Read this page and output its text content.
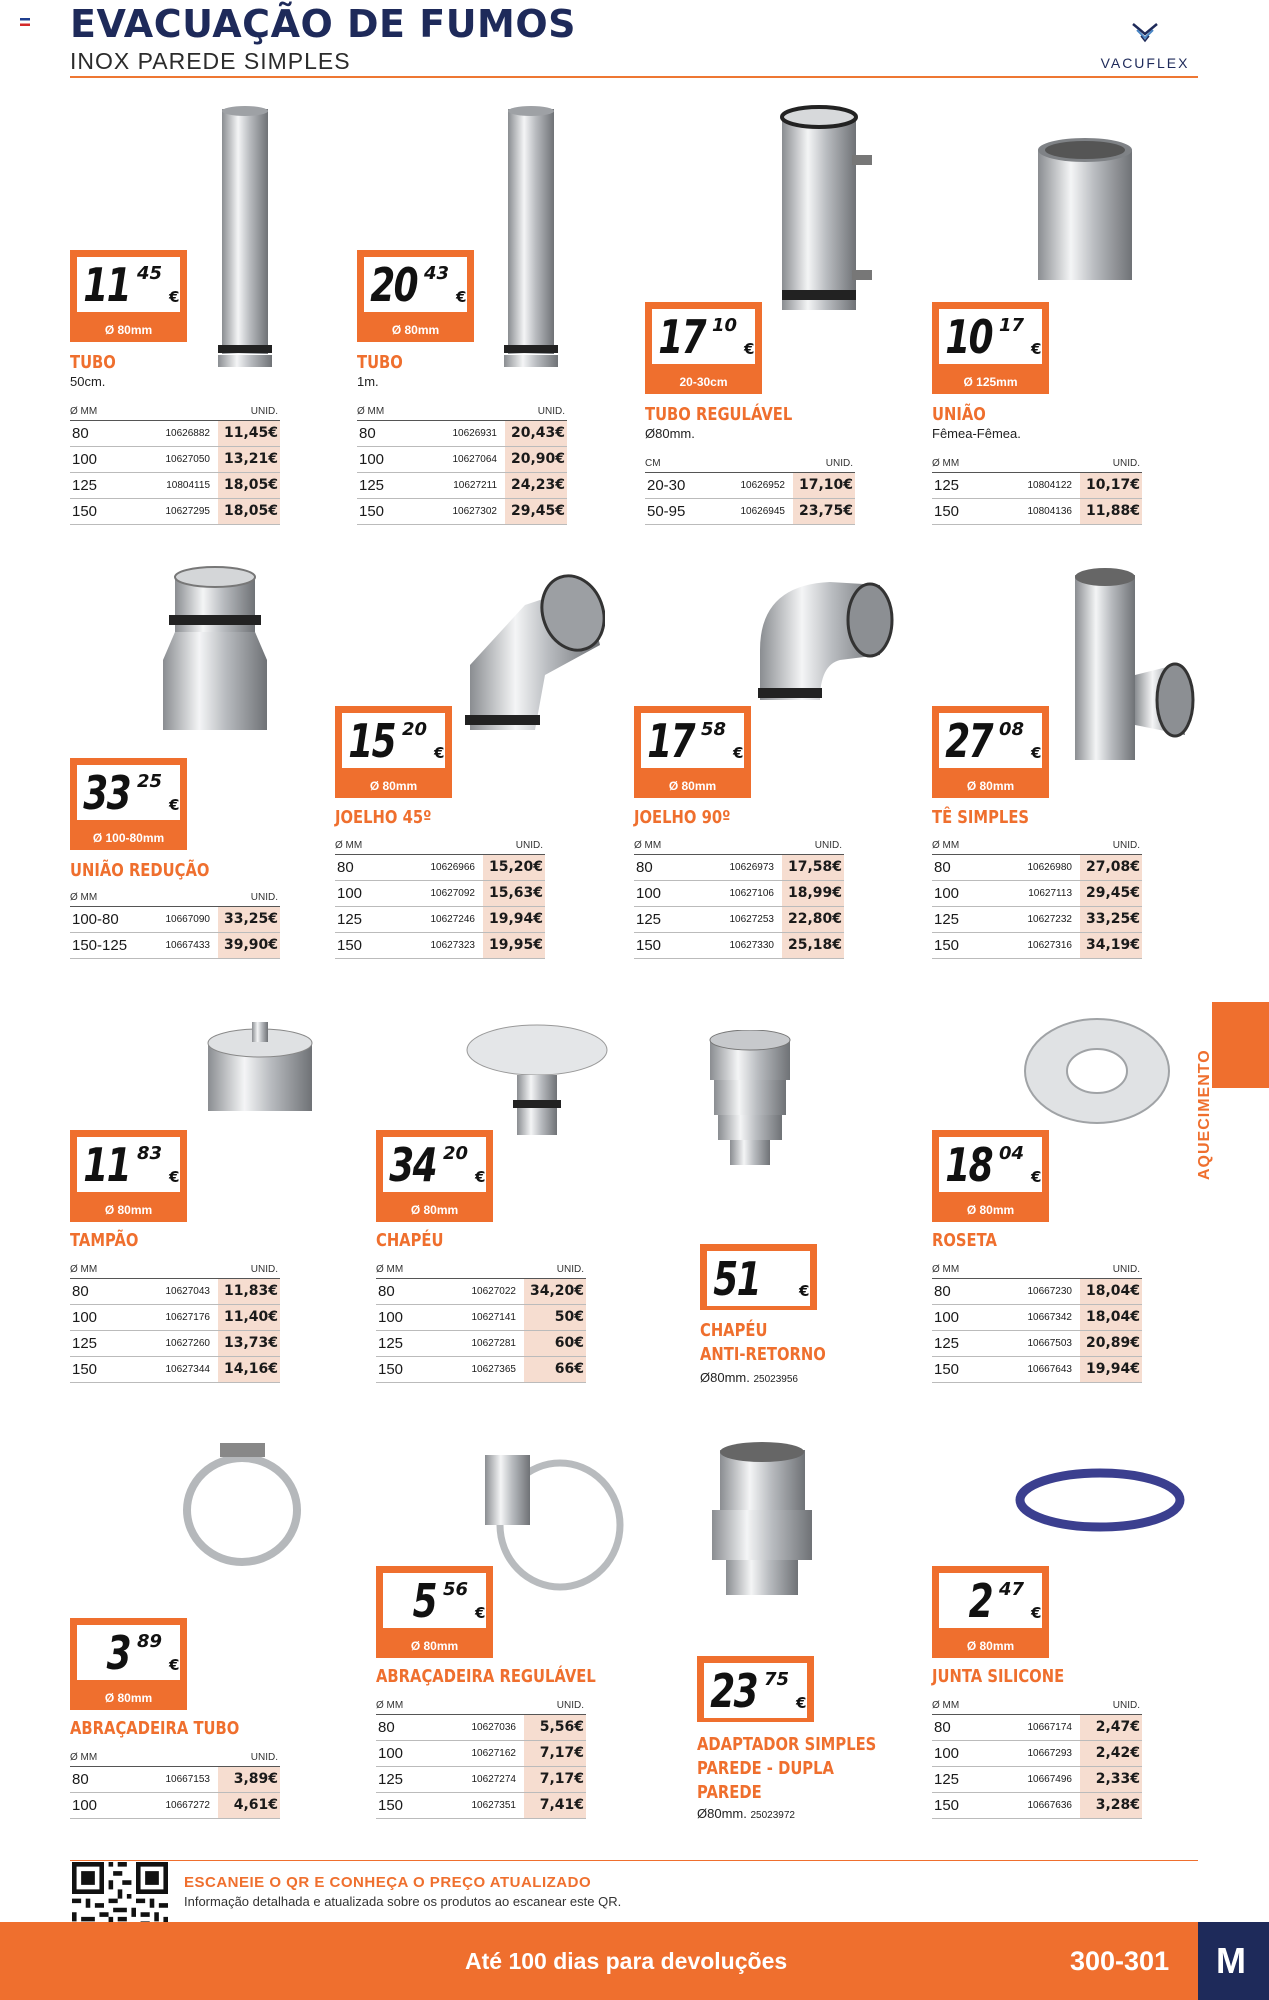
EVACUAÇÃO DE FUMOS
INOX PAREDE SIMPLES	VACUFLEX
11 45
€
Ø 80mm
TUBO
50cm.
Ø MM		UNID.
80	10626882	11,45€
100	10627050	13,21€
125	10804115	18,05€
150	10627295	18,05€
20 43
€
Ø 80mm
TUBO
1m.
Ø MM		UNID.
80	10626931	20,43€
100	10627064	20,90€
125	10627211	24,23€
150	10627302	29,45€
17 10
€
20-30cm
TUBO REGULÁVEL
Ø80mm.
CM		UNID.
20-30	10626952	17,10€
50-95	10626945	23,75€
10 17
€
Ø 125mm
UNIÃO
Fêmea-Fêmea.
Ø MM		UNID.
125	10804122	10,17€
150	10804136	11,88€
33 25
€
Ø 100-80mm
UNIÃO REDUÇÃO
Ø MM		UNID.
100-80	10667090	33,25€
150-125	10667433	39,90€
15 20
€
Ø 80mm
JOELHO 45º
Ø MM		UNID.
80	10626966	15,20€
100	10627092	15,63€
125	10627246	19,94€
150	10627323	19,95€
17 58
€
Ø 80mm
JOELHO 90º
Ø MM		UNID.
80	10626973	17,58€
100	10627106	18,99€
125	10627253	22,80€
150	10627330	25,18€
27 08
€
Ø 80mm
TÊ SIMPLES
Ø MM		UNID.
80	10626980	27,08€
100	10627113	29,45€
125	10627232	33,25€
150	10627316	34,19€
11 83
€
Ø 80mm
TAMPÃO
Ø MM		UNID.
80	10627043	11,83€
100	10627176	11,40€
125	10627260	13,73€
150	10627344	14,16€
34 20
€
Ø 80mm
CHAPÉU
Ø MM		UNID.
80	10627022	34,20€
100	10627141	50€
125	10627281	60€
150	10627365	66€
51	€
CHAPÉU
ANTI-RETORNO
Ø80mm. 25023956
18 04
€
Ø 80mm
ROSETA
Ø MM		UNID.
80	10667230	18,04€
100	10667342	18,04€
125	10667503	20,89€
150	10667643	19,94€
3 89
€
Ø 80mm
ABRAÇADEIRA TUBO
Ø MM		UNID.
80	10667153	3,89€
100	10667272	4,61€
5 56
€
Ø 80mm
ABRAÇADEIRA REGULÁVEL
Ø MM		UNID.
80	10627036	5,56€
100	10627162	7,17€
125	10627274	7,17€
150	10627351	7,41€
23 75
€
ADAPTADOR SIMPLES
PAREDE - DUPLA
PAREDE
Ø80mm. 25023972
2 47
€
Ø 80mm
JUNTA SILICONE
Ø MM		UNID.
80	10667174	2,47€
100	10667293	2,42€
125	10667496	2,33€
150	10667636	3,28€
AQUECIMENTO
ESCANEIE O QR E CONHEÇA O PREÇO ATUALIZADO
Informação detalhada e atualizada sobre os produtos ao escanear este QR.
Até 100 dias para devoluções	300-301 M
